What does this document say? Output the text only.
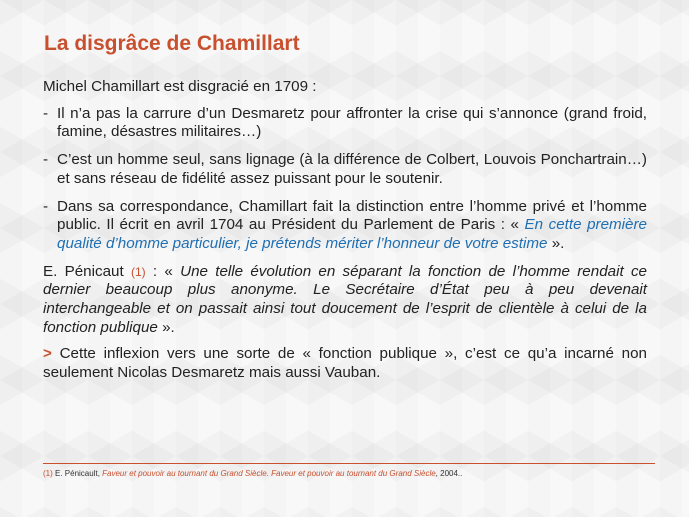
La disgrâce de Chamillart

Michel Chamillart est disgracié en 1709 :

- Il n’a pas la carrure d’un Desmaretz pour affronter la crise qui s’annonce (grand froid, famine, désastres militaires…)
- C’est un homme seul, sans lignage (à la différence de Colbert, Louvois Ponchartrain…) et sans réseau de fidélité assez puissant pour le soutenir.
- Dans sa correspondance, Chamillart fait la distinction entre l’homme privé et l’homme public. Il écrit en avril 1704 au Président du Parlement de Paris : « En cette première qualité d’homme particulier, je prétends mériter l’honneur de votre estime ».

E. Pénicaut (1) : « Une telle évolution en séparant la fonction de l’homme rendait ce dernier beaucoup plus anonyme. Le Secrétaire d’État peu à peu devenait interchangeable et on passait ainsi tout doucement de l’esprit de clientèle à celui de la fonction publique ».

> Cette inflexion vers une sorte de « fonction publique », c’est ce qu’a incarné non seulement Nicolas Desmaretz mais aussi Vauban.

(1) E. Pénicault, Faveur et pouvoir au tournant du Grand Siècle. Faveur et pouvoir au tournant du Grand Siècle, 2004..
